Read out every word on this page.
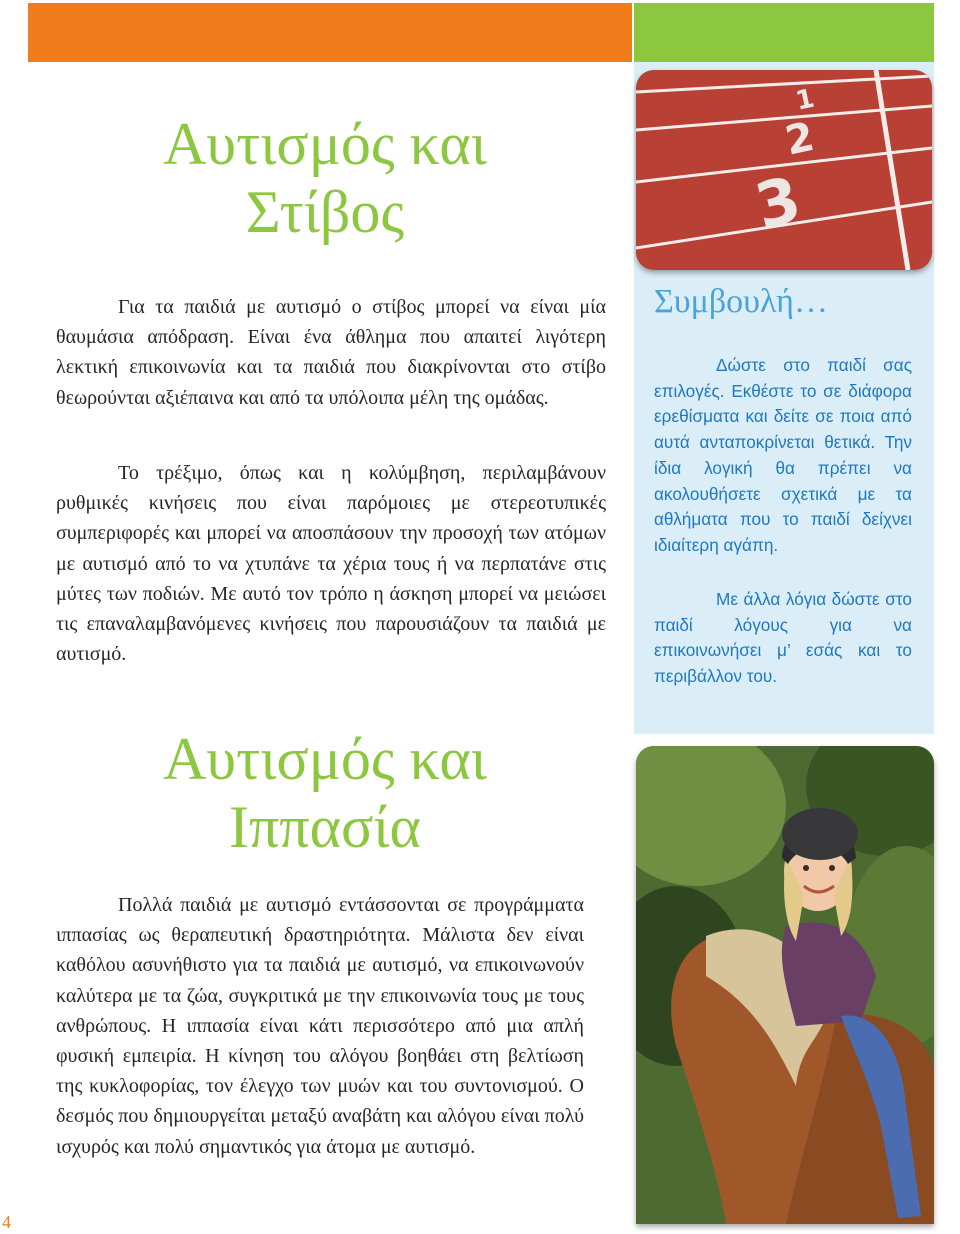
Αυτισμός και
Στίβος

Για τα παιδιά με αυτισμό ο στίβος μπορεί να είναι μία θαυμάσια απόδραση. Είναι ένα άθλημα που απαιτεί λιγότερη λεκτική επικοινωνία και τα παιδιά που διακρίνονται στο στίβο θεωρούνται αξιέπαινα και από τα υπόλοιπα μέλη της ομάδας.

Το τρέξιμο, όπως και η κολύμβηση, περιλαμβάνουν ρυθμικές κινήσεις που είναι παρόμοιες με στερεοτυπικές συμπεριφορές και μπορεί να αποσπάσουν την προσοχή των ατόμων με αυτισμό από το να χτυπάνε τα χέρια τους ή να περπατάνε στις μύτες των ποδιών. Με αυτό τον τρόπο η άσκηση μπορεί να μειώσει τις επαναλαμβανόμενες κινήσεις που παρουσιάζουν τα παιδιά με αυτισμό.

Αυτισμός και
Ιππασία

Πολλά παιδιά με αυτισμό εντάσσονται σε προγράμματα ιππασίας ως θεραπευτική δραστηριότητα. Μάλιστα δεν είναι καθόλου ασυνήθιστο για τα παιδιά με αυτισμό, να επικοινωνούν καλύτερα με τα ζώα, συγκριτικά με την επικοινωνία τους με τους ανθρώπους. Η ιππασία είναι κάτι περισσότερο από μια απλή φυσική εμπειρία. Η κίνηση του αλόγου βοηθάει στη βελτίωση της κυκλοφορίας, τον έλεγχο των μυών και του συντονισμού. Ο δεσμός που δημιουργείται μεταξύ αναβάτη και αλόγου είναι πολύ ισχυρός και πολύ σημαντικός για άτομα με αυτισμό.

1
2
3
Συμβουλή…

Δώστε στο παιδί σας επιλογές. Εκθέστε το σε διάφορα ερεθίσματα και δείτε σε ποια από αυτά ανταποκρίνεται θετικά. Την ίδια λογική θα πρέπει να ακολουθήσετε σχετικά με τα αθλήματα που το παιδί δείχνει ιδιαίτερη αγάπη.

Με άλλα λόγια δώστε στο παιδί λόγους για να επικοινωνήσει μ’ εσάς και το περιβάλλον του.

4
